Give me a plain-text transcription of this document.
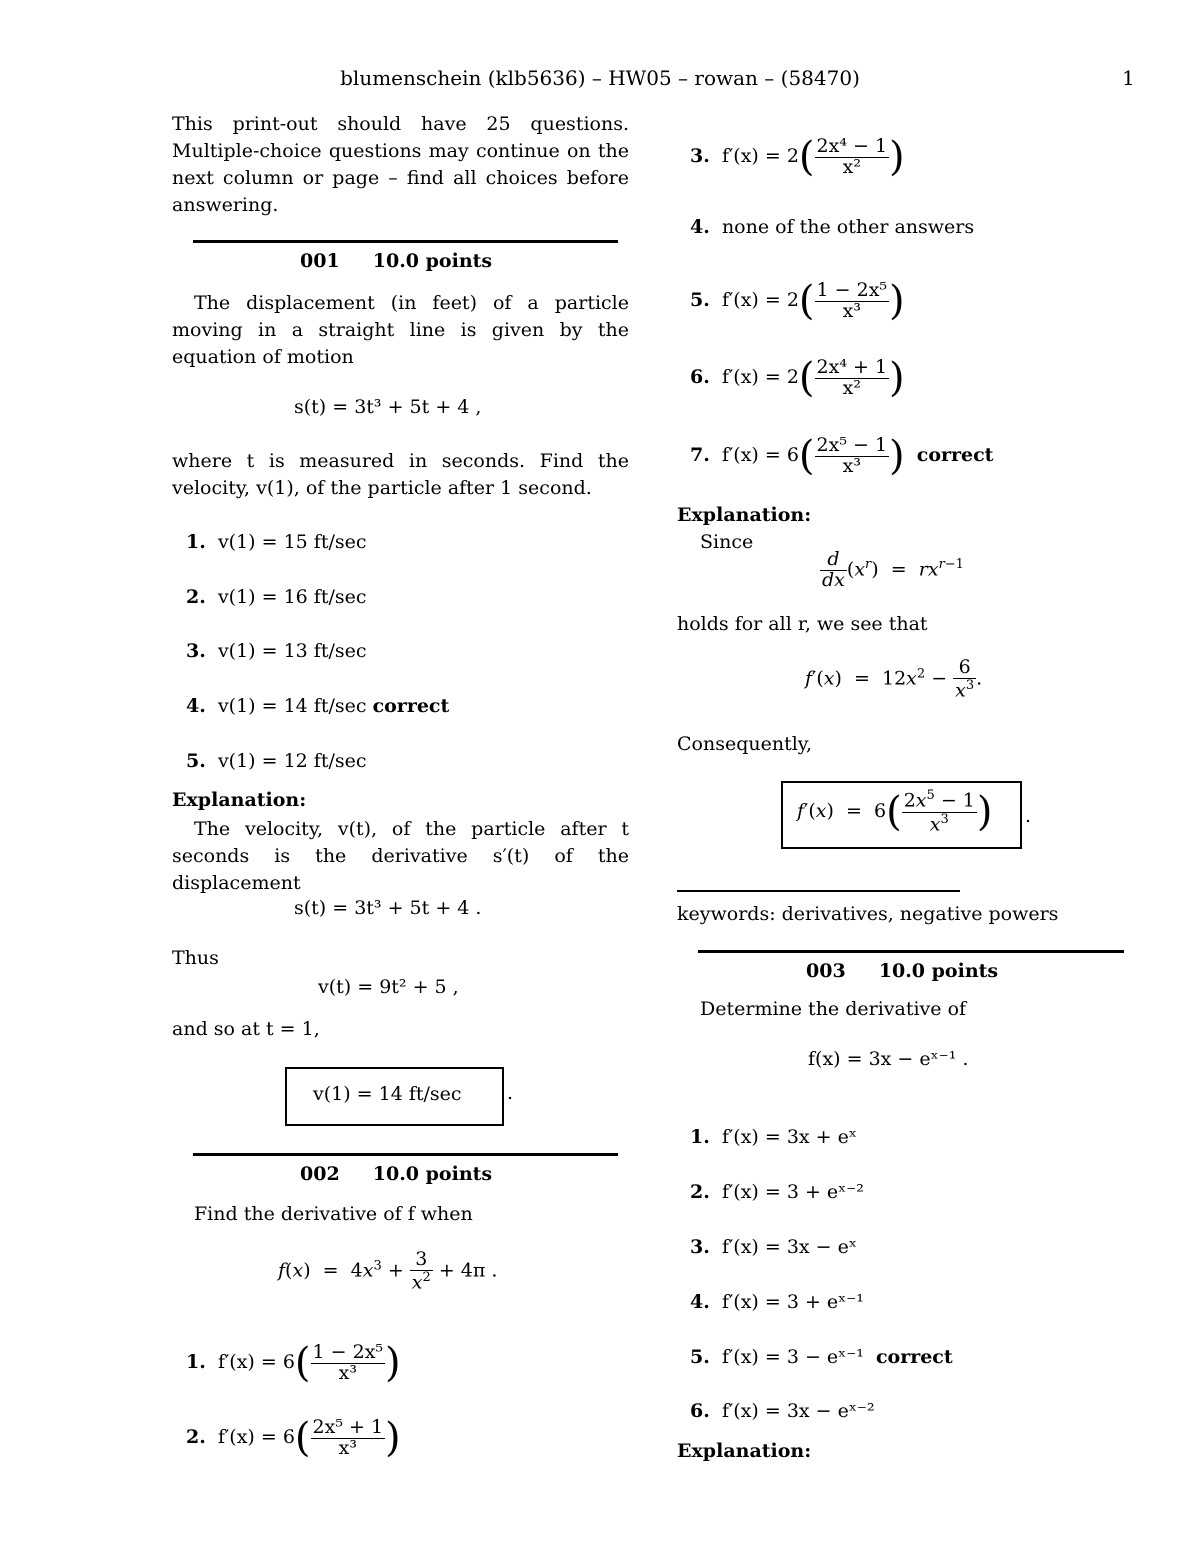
blumenschein (klb5636) – HW05 – rowan – (58470)	1
This print-out should have 25 questions. Multiple-choice questions may continue on the next column or page – find all choices before answering.
001 10.0 points
The displacement (in feet) of a particle moving in a straight line is given by the equation of motion
s(t) = 3t³ + 5t + 4 ,
where t is measured in seconds. Find the velocity, v(1), of the particle after 1 second.
1. v(1) = 15 ft/sec
2. v(1) = 16 ft/sec
3. v(1) = 13 ft/sec
4. v(1) = 14 ft/sec correct
5. v(1) = 12 ft/sec
Explanation:
The velocity, v(t), of the particle after t seconds is the derivative s′(t) of the displacement
s(t) = 3t³ + 5t + 4 .
Thus
v(t) = 9t² + 5 ,
and so at t = 1,
v(1) = 14 ft/sec .
002 10.0 points
Find the derivative of f when
$f(x) = 4x^3 + \frac{3}{x^2} + 4\pi$ .
1. $f'(x) = 6( \frac{\text{1 − 2x⁵}}{\text{x³}}$ )
2. $f'(x) = 6( \frac{\text{2x⁵ + 1}}{\text{x³}}$ )
3. $f'(x) = 2( \frac{\text{2x⁴ − 1}}{\text{x²}}$ )
4. none of the other answers
5. $f'(x) = 2( \frac{\text{1 − 2x⁵}}{\text{x³}}$ )
6. $f'(x) = 2( \frac{\text{2x⁴ + 1}}{\text{x²}}$ )
7. $f'(x) = 6( \frac{\text{2x⁵ − 1}}{\text{x³}}$ ) correct
Explanation:
Since
$\frac{d}{dx} (x^r) = rx^{r-1}$
holds for all r, we see that
$f'(x) = 12x^2 - \frac{6}{x^3}$ .
Consequently,
$f'(x) = 6( \frac{2x^5 - 1}{x^3}$ ) .
keywords: derivatives, negative powers
003 10.0 points
Determine the derivative of
f(x) = 3x − eˣ⁻¹ .
1. f′(x) = 3x + eˣ
2. f′(x) = 3 + eˣ⁻²
3. f′(x) = 3x − eˣ
4. f′(x) = 3 + eˣ⁻¹
5. f′(x) = 3 − eˣ⁻¹ correct
6. f′(x) = 3x − eˣ⁻²
Explanation:
